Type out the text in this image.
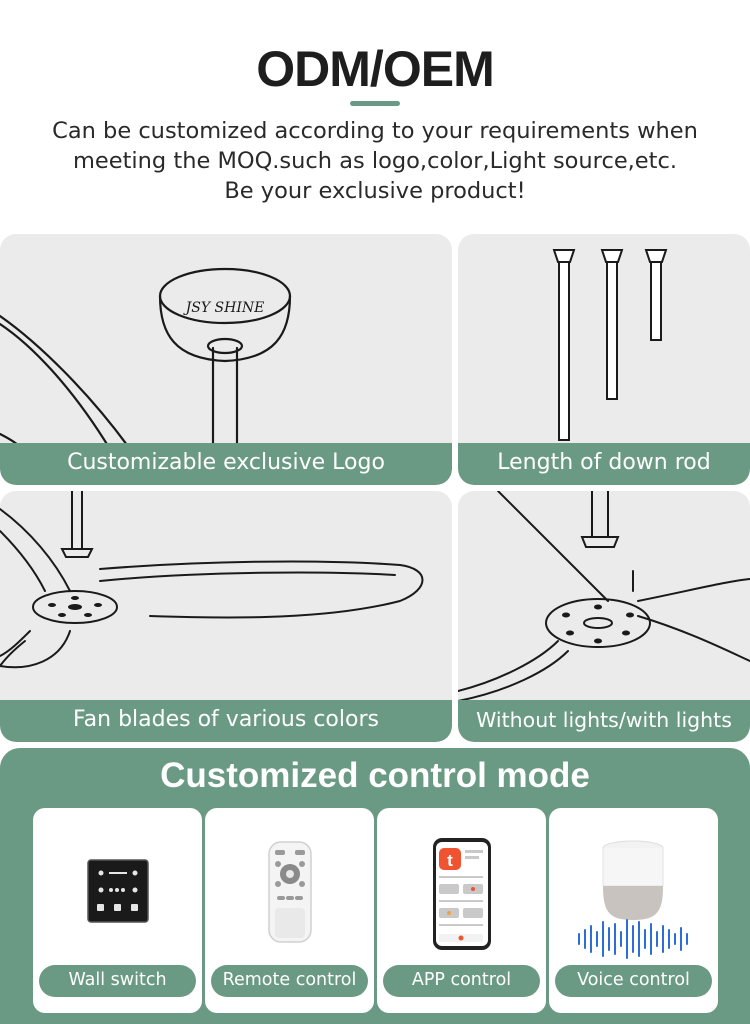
ODM/OEM
Can be customized according to your requirements when
meeting the MOQ.such as logo,color,Light source,etc.
Be your exclusive product!
JSY SHINE
Customizable exclusive Logo	Length of down rod
Fan blades of various colors	Without lights/with lights
Customized control mode
Wall switch	Remote control
t
APP control	Voice control
